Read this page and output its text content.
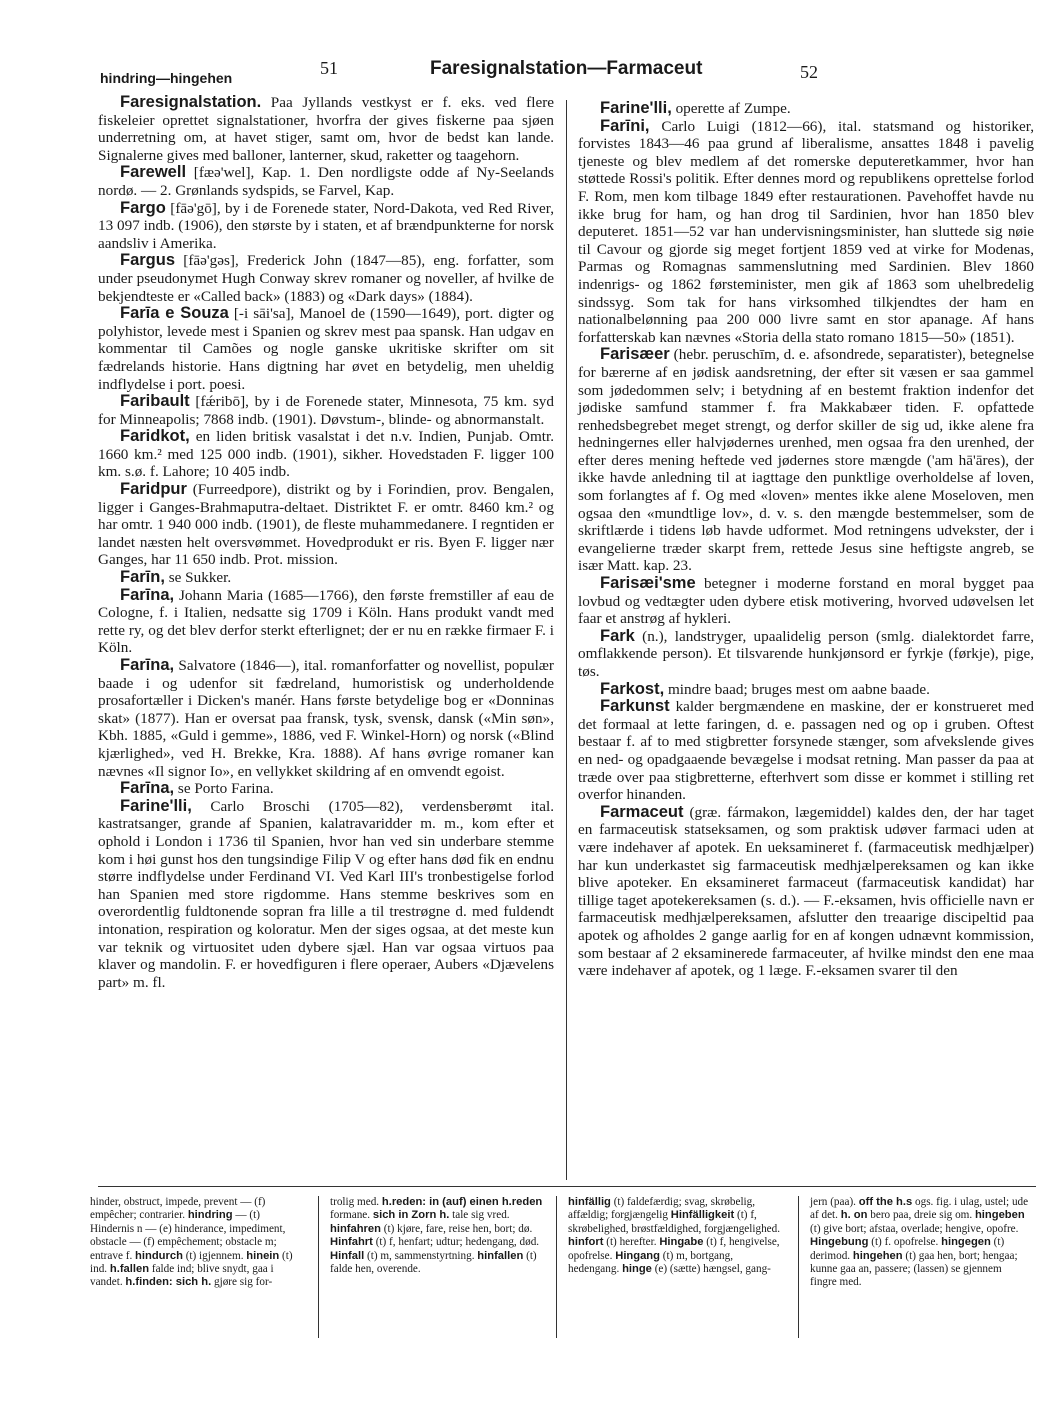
hindring—hingehen	51	Faresignalstation—Farmaceut	52

Faresignalstation. Paa Jyllands vestkyst er f. eks. ved flere fiskeleier oprettet signalstationer, hvorfra der gives fiskerne paa sjøen underretning om, at havet stiger, samt om, hvor de bedst kan lande. Signalerne gives med balloner, lanterner, skud, raketter og taagehorn.

Farewell [fæə'wel], Kap. 1. Den nordligste odde af Ny-Seelands nordø. — 2. Grønlands sydspids, se Farvel, Kap.

Fargo [fāə'gō], by i de Forenede stater, Nord-Dakota, ved Red River, 13 097 indb. (1906), den største by i staten, et af brændpunkterne for norsk aandsliv i Amerika.

Fargus [fāə'gəs], Frederick John (1847—85), eng. forfatter, som under pseudonymet Hugh Conway skrev romaner og noveller, af hvilke de bekjendteste er «Called back» (1883) og «Dark days» (1884).

Farīa e Souza [-i sāi'sa], Manoel de (1590—1649), port. digter og polyhistor, levede mest i Spanien og skrev mest paa spansk. Han udgav en kommentar til Camões og nogle ganske ukritiske skrifter om sit fædrelands historie. Hans digtning har øvet en betydelig, men uheldig indflydelse i port. poesi.

Faribault [fǽribō], by i de Forenede stater, Minnesota, 75 km. syd for Minneapolis; 7868 indb. (1901). Døvstum-, blinde- og abnormanstalt.

Faridkot, en liden britisk vasalstat i det n.v. Indien, Punjab. Omtr. 1660 km.² med 125 000 indb. (1901), sikher. Hovedstaden F. ligger 100 km. s.ø. f. Lahore; 10 405 indb.

Faridpur (Furreedpore), distrikt og by i Forindien, prov. Bengalen, ligger i Ganges-Brahmaputra-deltaet. Distriktet F. er omtr. 8460 km.² og har omtr. 1 940 000 indb. (1901), de fleste muhammedanere. I regntiden er landet næsten helt oversvømmet. Hovedprodukt er ris. Byen F. ligger nær Ganges, har 11 650 indb. Prot. mission.

Farīn, se Sukker.

Farīna, Johann Maria (1685—1766), den første fremstiller af eau de Cologne, f. i Italien, nedsatte sig 1709 i Köln. Hans produkt vandt med rette ry, og det blev derfor sterkt efterlignet; der er nu en række firmaer F. i Köln.

Farīna, Salvatore (1846—), ital. romanforfatter og novellist, populær baade i og udenfor sit fædreland, humoristisk og underholdende prosafortæller i Dicken's manér. Hans første betydelige bog er «Donninas skat» (1877). Han er oversat paa fransk, tysk, svensk, dansk («Min søn», Kbh. 1885, «Guld i gemme», 1886, ved F. Winkel-Horn) og norsk («Blind kjærlighed», ved H. Brekke, Kra. 1888). Af hans øvrige romaner kan nævnes «Il signor Io», en vellykket skildring af en omvendt egoist.

Farīna, se Porto Farina.

Farine'lli, Carlo Broschi (1705—82), verdensberømt ital. kastratsanger, grande af Spanien, kalatravaridder m. m., kom efter et ophold i London i 1736 til Spanien, hvor han ved sin underbare stemme kom i høi gunst hos den tungsindige Filip V og efter hans død fik en endnu større indflydelse under Ferdinand VI. Ved Karl III's tronbestigelse forlod han Spanien med store rigdomme. Hans stemme beskrives som en overordentlig fuldtonende sopran fra lille a til trestrøgne d. med fuldendt intonation, respiration og koloratur. Men der siges ogsaa, at det meste kun var teknik og virtuositet uden dybere sjæl. Han var ogsaa virtuos paa klaver og mandolin. F. er hovedfiguren i flere operaer, Aubers «Djævelens part» m. fl.

Farine'lli, operette af Zumpe.

Farīni, Carlo Luigi (1812—66), ital. statsmand og historiker, forvistes 1843—46 paa grund af liberalisme, ansattes 1848 i pavelig tjeneste og blev medlem af det romerske deputeretkammer, hvor han støttede Rossi's politik. Efter dennes mord og republikens oprettelse forlod F. Rom, men kom tilbage 1849 efter restaurationen. Pavehoffet havde nu ikke brug for ham, og han drog til Sardinien, hvor han 1850 blev deputeret. 1851—52 var han undervisningsminister, han sluttede sig nøie til Cavour og gjorde sig meget fortjent 1859 ved at virke for Modenas, Parmas og Romagnas sammenslutning med Sardinien. Blev 1860 indenrigs- og 1862 førsteminister, men gik af 1863 som uhelbredelig sindssyg. Som tak for hans virksomhed tilkjendtes der ham en nationalbelønning paa 200 000 livre samt en stor apanage. Af hans forfatterskab kan nævnes «Storia della stato romano 1815—50» (1851).

Farisæer (hebr. peruschīm, d. e. afsondrede, separatister), betegnelse for bærerne af en jødisk aandsretning, der efter sit væsen er saa gammel som jødedommen selv; i betydning af en bestemt fraktion indenfor det jødiske samfund stammer f. fra Makkabæer tiden. F. opfattede renhedsbegrebet meget strengt, og derfor skiller de sig ud, ikke alene fra hedningernes eller halvjødernes urenhed, men ogsaa fra den urenhed, der efter deres mening heftede ved jødernes store mængde ('am hā'āres), der ikke havde anledning til at iagttage den punktlige overholdelse af loven, som forlangtes af f. Og med «loven» mentes ikke alene Moseloven, men ogsaa den «mundtlige lov», d. v. s. den mængde bestemmelser, som de skriftlærde i tidens løb havde udformet. Mod retningens udvekster, der i evangelierne træder skarpt frem, rettede Jesus sine heftigste angreb, se især Matt. kap. 23.

Farisæi'sme betegner i moderne forstand en moral bygget paa lovbud og vedtægter uden dybere etisk motivering, hvorved udøvelsen let faar et anstrøg af hykleri.

Fark (n.), landstryger, upaalidelig person (smlg. dialektordet farre, omflakkende person). Et tilsvarende hunkjønsord er fyrkje (førkje), pige, tøs.

Farkost, mindre baad; bruges mest om aabne baade.

Farkunst kalder bergmændene en maskine, der er konstrueret med det formaal at lette faringen, d. e. passagen ned og op i gruben. Oftest bestaar f. af to med stigbretter forsynede stænger, som afvekslende gives en ned- og opadgaaende bevægelse i modsat retning. Man passer da paa at træde over paa stigbretterne, efterhvert som disse er kommet i stilling ret overfor hinanden.

Farmaceut (græ. fármakon, lægemiddel) kaldes den, der har taget en farmaceutisk statseksamen, og som praktisk udøver farmaci uden at være indehaver af apotek. En ueksamineret f. (farmaceutisk medhjælper) har kun underkastet sig farmaceutisk medhjælpereksamen og kan ikke blive apoteker. En eksamineret farmaceut (farmaceutisk kandidat) har tillige taget apotekereksamen (s. d.). — F.-eksamen, hvis officielle navn er farmaceutisk medhjælpereksamen, afslutter den treaarige discipeltid paa apotek og afholdes 2 gange aarlig for en af kongen udnævnt kommission, som bestaar af 2 eksaminerede farmaceuter, af hvilke mindst den ene maa være indehaver af apotek, og 1 læge. F.-eksamen svarer til den

hinder, obstruct, impede, prevent — (f) empêcher; contrarier. hindring — (t) Hindernis n — (e) hinderance, impediment, obstacle — (f) empêchement; obstacle m; entrave f. hindurch (t) igjennem. hinein (t) ind. h.fallen falde ind; blive snydt, gaa i vandet. h.finden: sich h. gjøre sig for-
trolig med. h.reden: in (auf) einen h.reden formane. sich in Zorn h. tale sig vred. hinfahren (t) kjøre, fare, reise hen, bort; dø. Hinfahrt (t) f, henfart; udtur; hedengang, død. Hinfall (t) m, sammenstyrtning. hinfallen (t) falde hen, overende.
hinfällig (t) faldefærdig; svag, skrøbelig, affældig; forgjængelig Hinfälligkeit (t) f, skrøbelighed, brøstfældighed, forgjængelighed. hinfort (t) herefter. Hingabe (t) f, hengivelse, opofrelse. Hingang (t) m, bortgang, hedengang. hinge (e) (sætte) hængsel, gang-
jern (paa). off the h.s ogs. fig. i ulag, ustel; ude af det. h. on bero paa, dreie sig om. hingeben (t) give bort; afstaa, overlade; hengive, opofre. Hingebung (t) f. opofrelse. hingegen (t) derimod. hingehen (t) gaa hen, bort; hengaa; kunne gaa an, passere; (lassen) se gjennem fingre med.
